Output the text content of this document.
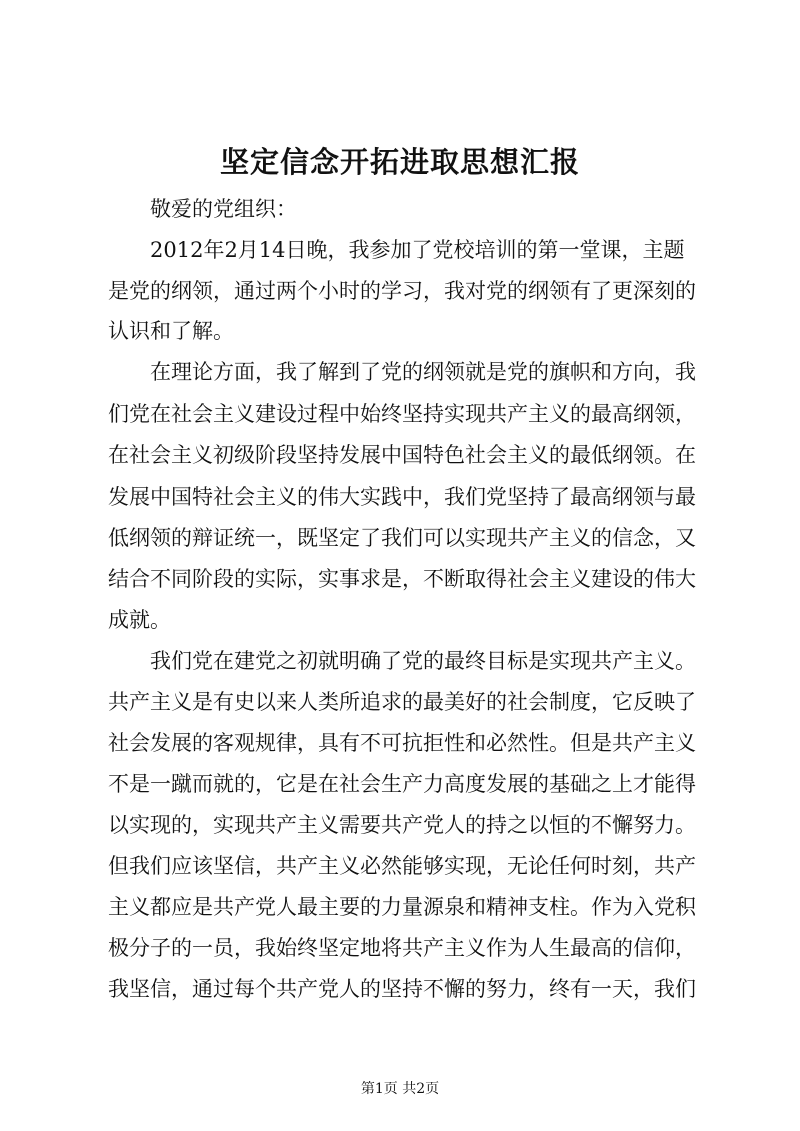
坚定信念开拓进取思想汇报

　　敬爱的党组织：

　　2012年2月14日晚，我参加了党校培训的第一堂课，主题

是党的纲领，通过两个小时的学习，我对党的纲领有了更深刻的

认识和了解。

　　在理论方面，我了解到了党的纲领就是党的旗帜和方向，我

们党在社会主义建设过程中始终坚持实现共产主义的最高纲领，

在社会主义初级阶段坚持发展中国特色社会主义的最低纲领。在

发展中国特社会主义的伟大实践中，我们党坚持了最高纲领与最

低纲领的辩证统一，既坚定了我们可以实现共产主义的信念，又

结合不同阶段的实际，实事求是，不断取得社会主义建设的伟大

成就。

　　我们党在建党之初就明确了党的最终目标是实现共产主义。

共产主义是有史以来人类所追求的最美好的社会制度，它反映了

社会发展的客观规律，具有不可抗拒性和必然性。但是共产主义

不是一蹴而就的，它是在社会生产力高度发展的基础之上才能得

以实现的，实现共产主义需要共产党人的持之以恒的不懈努力。

但我们应该坚信，共产主义必然能够实现，无论任何时刻，共产

主义都应是共产党人最主要的力量源泉和精神支柱。作为入党积

极分子的一员，我始终坚定地将共产主义作为人生最高的信仰，

我坚信，通过每个共产党人的坚持不懈的努力，终有一天，我们

第1页 共2页
